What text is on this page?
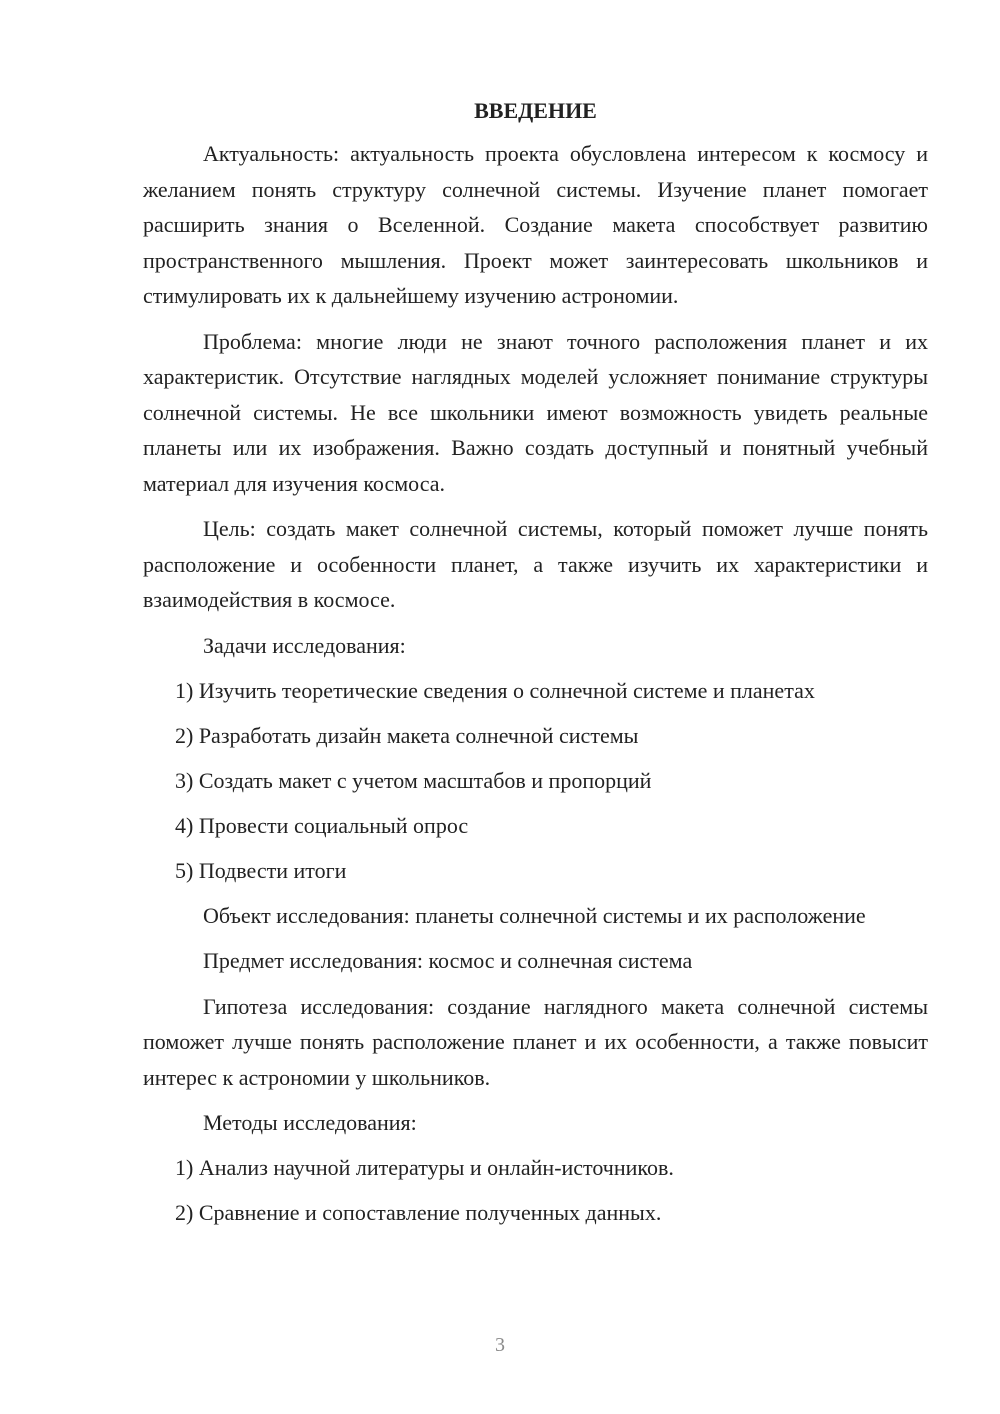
ВВЕДЕНИЕ

Актуальность: актуальность проекта обусловлена интересом к космосу и желанием понять структуру солнечной системы. Изучение планет помогает расширить знания о Вселенной. Создание макета способствует развитию пространственного мышления. Проект может заинтересовать школьников и стимулировать их к дальнейшему изучению астрономии.

Проблема: многие люди не знают точного расположения планет и их характеристик. Отсутствие наглядных моделей усложняет понимание структуры солнечной системы. Не все школьники имеют возможность увидеть реальные планеты или их изображения. Важно создать доступный и понятный учебный материал для изучения космоса.

Цель: создать макет солнечной системы, который поможет лучше понять расположение и особенности планет, а также изучить их характеристики и взаимодействия в космосе.

Задачи исследования:
1) Изучить теоретические сведения о солнечной системе и планетах
2) Разработать дизайн макета солнечной системы
3) Создать макет с учетом масштабов и пропорций
4) Провести социальный опрос
5) Подвести итоги

Объект исследования: планеты солнечной системы и их расположение

Предмет исследования: космос и солнечная система

Гипотеза исследования: создание наглядного макета солнечной системы поможет лучше понять расположение планет и их особенности, а также повысит интерес к астрономии у школьников.

Методы исследования:
1) Анализ научной литературы и онлайн-источников.
2) Сравнение и сопоставление полученных данных.
3
